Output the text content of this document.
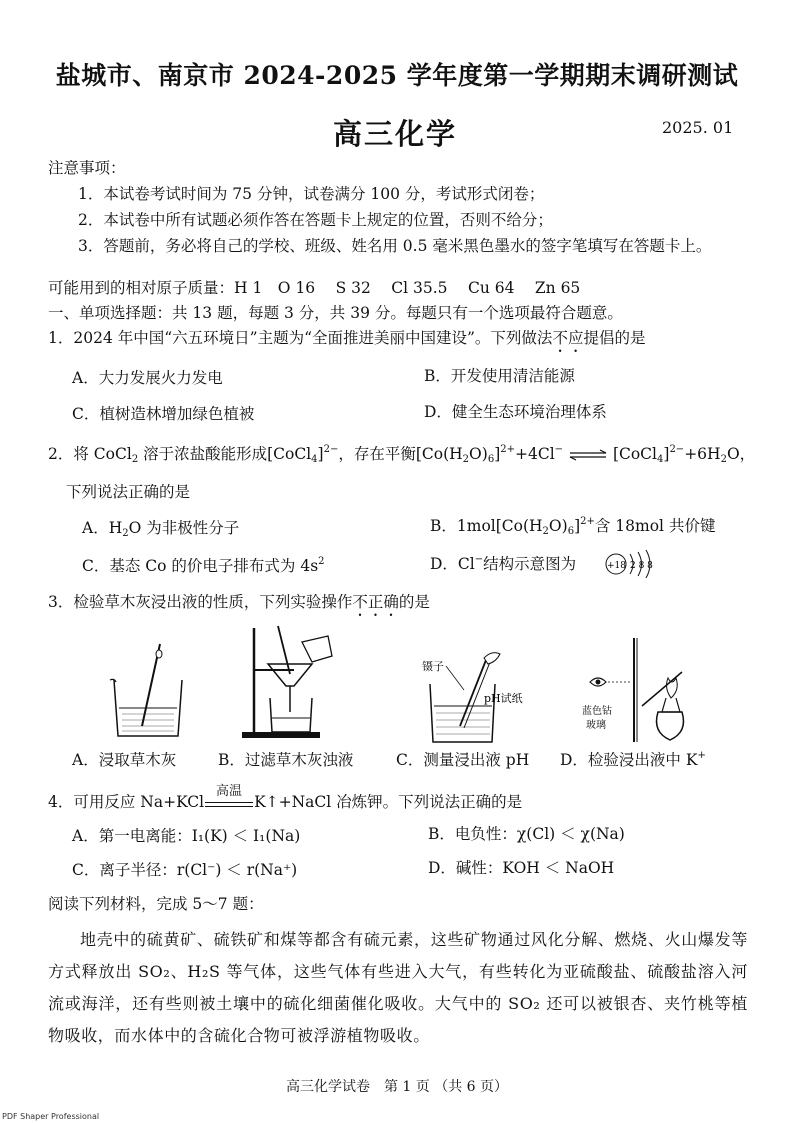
盐城市、南京市 2024-2025 学年度第一学期期末调研测试
高三化学	2025. 01
注意事项：
1．本试卷考试时间为 75 分钟，试卷满分 100 分，考试形式闭卷；
2．本试卷中所有试题必须作答在答题卡上规定的位置，否则不给分；
3．答题前，务必将自己的学校、班级、姓名用 0.5 毫米黑色墨水的签字笔填写在答题卡上。
可能用到的相对原子质量：H 1　O 16　 S 32　 Cl 35.5　 Cu 64　 Zn 65
一、单项选择题：共 13 题，每题 3 分，共 39 分。每题只有一个选项最符合题意。
1．2024 年中国“六五环境日”主题为“全面推进美丽中国建设”。下列做法不应提倡的是
A．大力发展火力发电	B．开发使用清洁能源
C．植树造林增加绿色植被	D．健全生态环境治理体系
2．将 CoCl$_2$ 溶于浓盐酸能形成[CoCl$_4$]$^{2-}$，存在平衡$[Co(H_2O)_6]^{2+}+4Cl^-$ ⇌ $[CoCl_4]^{2-}+6H_2O$，
下列说法正确的是
A．$H_2O$ 为非极性分子	B．$1mol[Co(H_2O)_6]^{2+}$含 18mol 共价键
C．基态 Co 的价电子排布式为 $4s^2$	D．Cl−结构示意图为	+18 2 8 8
3．检验草木灰浸出液的性质，下列实验操作不正确的是
镊子
pH试纸
蓝色钴
玻璃
A．浸取草木灰	B．过滤草木灰浊液	C．测量浸出液 pH D．检验浸出液中 K+
4．可用反应 Na+KCl
高温
K↑+NaCl 冶炼钾。下列说法正确的是
A．第一电离能：I₁(K) ＜ I₁(Na)	B．电负性：χ(Cl) ＜ χ(Na)
C．离子半径：r(Cl⁻) ＜ r(Na⁺)	D．碱性：KOH ＜ NaOH
阅读下列材料，完成 5～7 题：
地壳中的硫黄矿、硫铁矿和煤等都含有硫元素，这些矿物通过风化分解、燃烧、火山爆发等方式释放出 SO₂、H₂S 等气体，这些气体有些进入大气，有些转化为亚硫酸盐、硫酸盐溶入河流或海洋，还有些则被土壤中的硫化细菌催化吸收。大气中的 SO₂ 还可以被银杏、夹竹桃等植物吸收，而水体中的含硫化合物可被浮游植物吸收。
高三化学试卷　第 1 页 （共 6 页）
PDF Shaper Professional
